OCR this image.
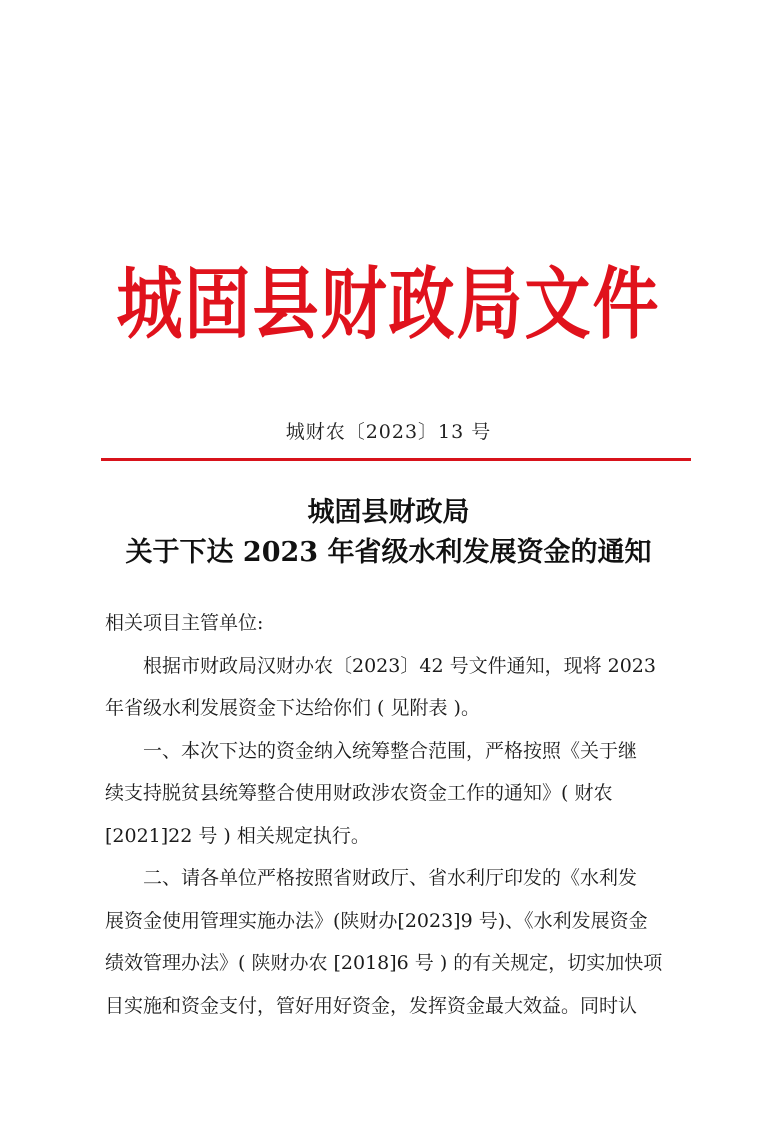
城固县财政局文件
城财农〔2023〕13 号
城固县财政局
关于下达 2023 年省级水利发展资金的通知

相关项目主管单位:

　　根据市财政局汉财办农〔2023〕42 号文件通知，现将 2023

年省级水利发展资金下达给你们 ( 见附表 )。

　　一、本次下达的资金纳入统筹整合范围，严格按照《关于继

续支持脱贫县统筹整合使用财政涉农资金工作的通知》( 财农

[2021]22 号 ) 相关规定执行。

　　二、请各单位严格按照省财政厅、省水利厅印发的《水利发

展资金使用管理实施办法》(陕财办[2023]9 号)、《水利发展资金

绩效管理办法》( 陕财办农 [2018]6 号 ) 的有关规定，切实加快项

目实施和资金支付，管好用好资金，发挥资金最大效益。同时认
